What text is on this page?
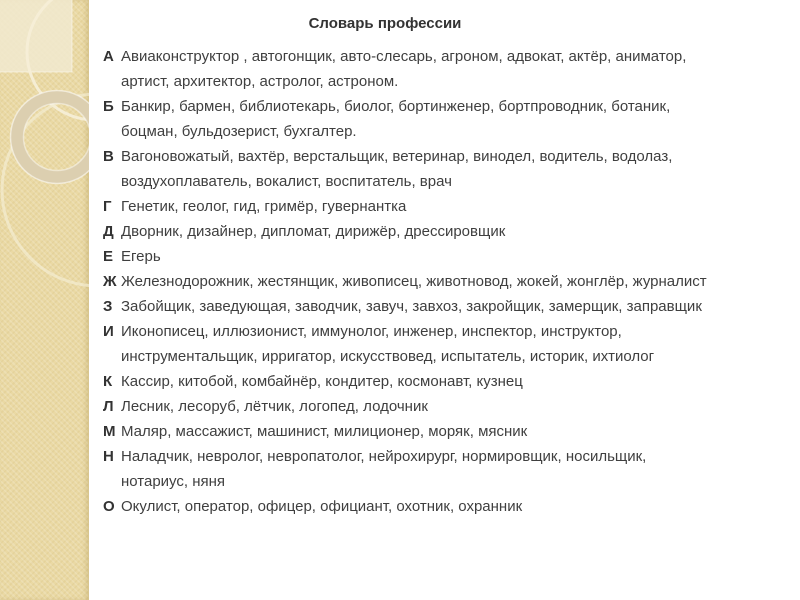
Словарь профессии
А Авиаконструктор , автогонщик, авто-слесарь, агроном, адвокат, актёр, аниматор,
артист, архитектор, астролог, астроном.
Б Банкир, бармен, библиотекарь, биолог, бортинженер, бортпроводник, ботаник,
боцман, бульдозерист, бухгалтер.
В Вагоновожатый, вахтёр, верстальщик, ветеринар, винодел, водитель, водолаз,
воздухоплаватель, вокалист, воспитатель, врач
Г Генетик, геолог, гид, гримёр, гувернантка
Д Дворник, дизайнер, дипломат, дирижёр, дрессировщик
Е Егерь
Ж Железнодорожник, жестянщик, живописец, животновод, жокей, жонглёр, журналист
З Забойщик, заведующая, заводчик, завуч, завхоз, закройщик, замерщик, заправщик
И Иконописец, иллюзионист, иммунолог, инженер, инспектор, инструктор,
инструментальщик, ирригатор, искусствовед, испытатель, историк, ихтиолог
К Кассир, китобой, комбайнёр, кондитер, космонавт, кузнец
Л Лесник, лесоруб, лётчик, логопед, лодочник
М Маляр, массажист, машинист, милиционер, моряк, мясник
Н Наладчик, невролог, невропатолог, нейрохирург, нормировщик, носильщик,
нотариус, няня
О Окулист, оператор, офицер, официант, охотник, охранник
